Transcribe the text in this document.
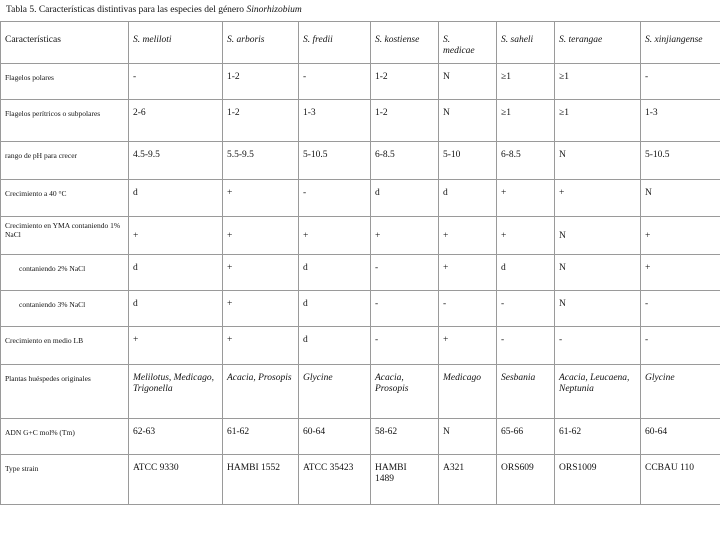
Tabla 5. Características distintivas para las especies del género Sinorhizobium
Características	S. meliloti	S. arboris	S. fredii	S. kostiense	S. medicae	S. saheli	S. terangae	S. xinjiangense
Flagelos polares	-	1-2	-	1-2	N	≥1	≥1	-
Flagelos perítricos o subpolares	2-6	1-2	1-3	1-2	N	≥1	≥1	1-3
rango de pH para crecer	4.5-9.5	5.5-9.5	5-10.5	6-8.5	5-10	6-8.5	N	5-10.5
Crecimiento a 40 °C	d	+	-	d	d	+	+	N
Crecimiento en YMA contaniendo 1% NaCl	+	+	+	+	+	+	N	+
contaniendo 2% NaCl	d	+	d	-	+	d	N	+
contaniendo 3% NaCl	d	+	d	-	-	-	N	-
Crecimiento en medio LB	+	+	d	-	+	-	-	-
Plantas huéspedes originales	Melilotus, Medicago, Trigonella	Acacia, Prosopis	Glycine	Acacia, Prosopis	Medicago	Sesbania	Acacia, Leucaena, Neptunia	Glycine
ADN G+C mol% (Tm)	62-63	61-62	60-64	58-62	N	65-66	61-62	60-64
Type strain	ATCC 9330	HAMBI 1552	ATCC 35423	HAMBI 1489	A321	ORS609	ORS1009	CCBAU 110
